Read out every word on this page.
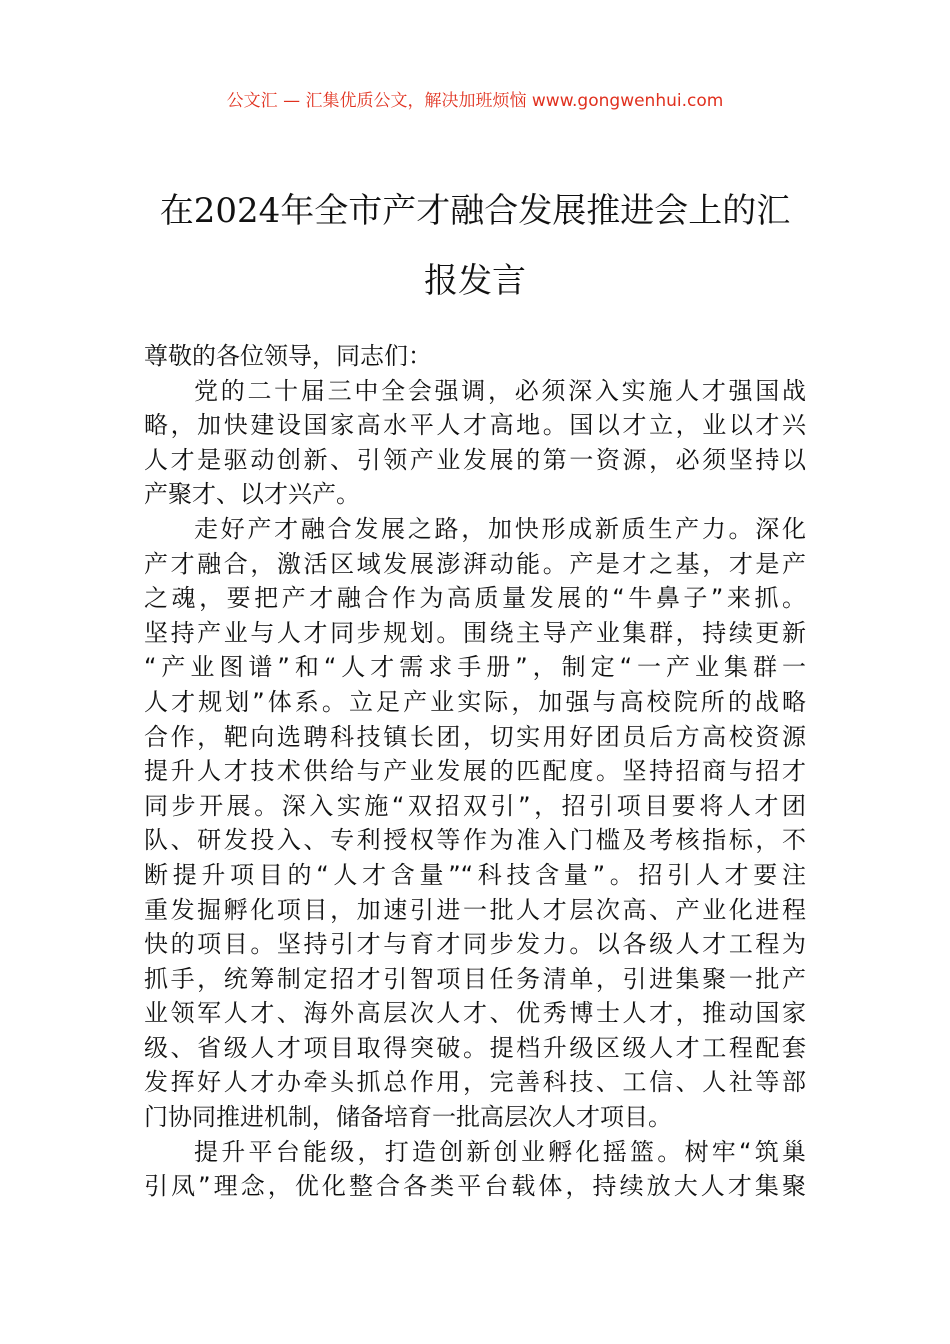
公文汇 — 汇集优质公文，解决加班烦恼 www.gongwenhui.com
在2024年全市产才融合发展推进会上的汇
报发言
尊敬的各位领导，同志们：
党的二十届三中全会强调，必须深入实施人才强国战
略，加快建设国家高水平人才高地。国以才立，业以才兴
人才是驱动创新、引领产业发展的第一资源，必须坚持以
产聚才、以才兴产。
走好产才融合发展之路，加快形成新质生产力。深化
产才融合，激活区域发展澎湃动能。产是才之基，才是产
之魂，要把产才融合作为高质量发展的“牛鼻子”来抓。
坚持产业与人才同步规划。围绕主导产业集群，持续更新
“产业图谱”和“人才需求手册”，制定“一产业集群一
人才规划”体系。立足产业实际，加强与高校院所的战略
合作，靶向选聘科技镇长团，切实用好团员后方高校资源
提升人才技术供给与产业发展的匹配度。坚持招商与招才
同步开展。深入实施“双招双引”，招引项目要将人才团
队、研发投入、专利授权等作为准入门槛及考核指标，不
断提升项目的“人才含量”“科技含量”。招引人才要注
重发掘孵化项目，加速引进一批人才层次高、产业化进程
快的项目。坚持引才与育才同步发力。以各级人才工程为
抓手，统筹制定招才引智项目任务清单，引进集聚一批产
业领军人才、海外高层次人才、优秀博士人才，推动国家
级、省级人才项目取得突破。提档升级区级人才工程配套
发挥好人才办牵头抓总作用，完善科技、工信、人社等部
门协同推进机制，储备培育一批高层次人才项目。
提升平台能级，打造创新创业孵化摇篮。树牢“筑巢
引凤”理念，优化整合各类平台载体，持续放大人才集聚
